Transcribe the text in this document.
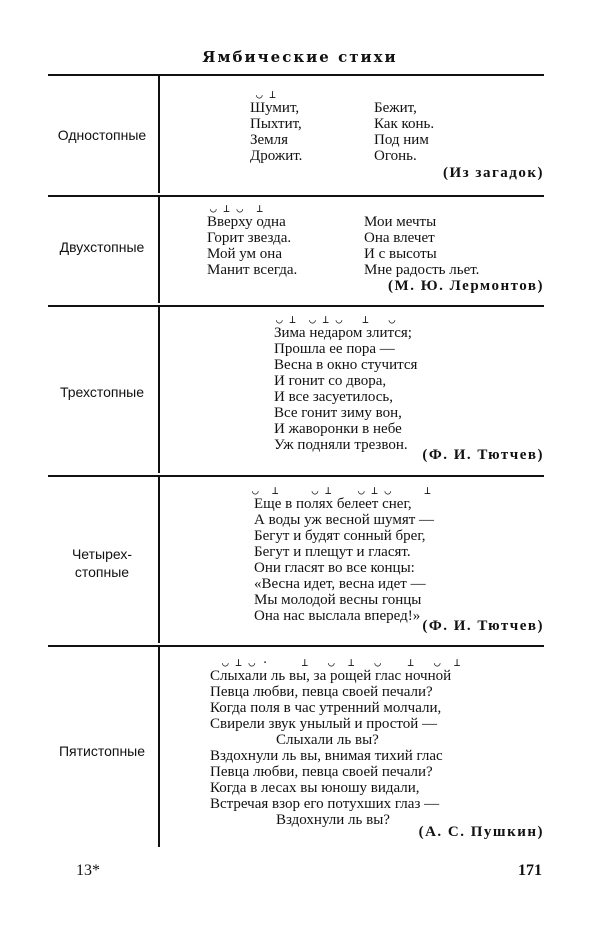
Ямбические стихи
Одностопные
◡ ⊥
Шумит,
Пыхтит,
Земля
Дрожит.
Бежит,
Как конь.
Под ним
Огонь.
(Из загадок)
Двухстопные
◡ ⊥ ◡  ⊥
Вверху одна
Горит звезда.
Мой ум она
Манит всегда.
Мои мечты
Она влечет
И с высоты
Мне радость льет.
(М. Ю. Лермонтов)
Трехстопные
◡ ⊥  ◡ ⊥ ◡   ⊥   ◡
Зима недаром злится;
Прошла ее пора —
Весна в окно стучится
И гонит со двора,
И все засуетилось,
Все гонит зиму вон,
И жаворонки в небе
Уж подняли трезвон.
(Ф. И. Тютчев)
Четырех-
стопные
◡  ⊥     ◡ ⊥    ◡ ⊥ ◡     ⊥
Еще в полях белеет снег,
А воды уж весной шумят —
Бегут и будят сонный брег,
Бегут и плещут и гласят.
Они гласят во все концы:
«Весна идет, весна идет —
Мы молодой весны гонцы
Она нас выслала вперед!»
(Ф. И. Тютчев)
Пятистопные
◡ ⊥ ◡ ·     ⊥   ◡  ⊥   ◡    ⊥   ◡  ⊥
Слыхали ль вы, за рощей глас ночной
Певца любви, певца своей печали?
Когда поля в час утренний молчали,
Свирели звук унылый и простой —
Слыхали ль вы?
Вздохнули ль вы, внимая тихий глас
Певца любви, певца своей печали?
Когда в лесах вы юношу видали,
Встречая взор его потухших глаз —
Вздохнули ль вы?
(А. С. Пушкин)
13*	171
